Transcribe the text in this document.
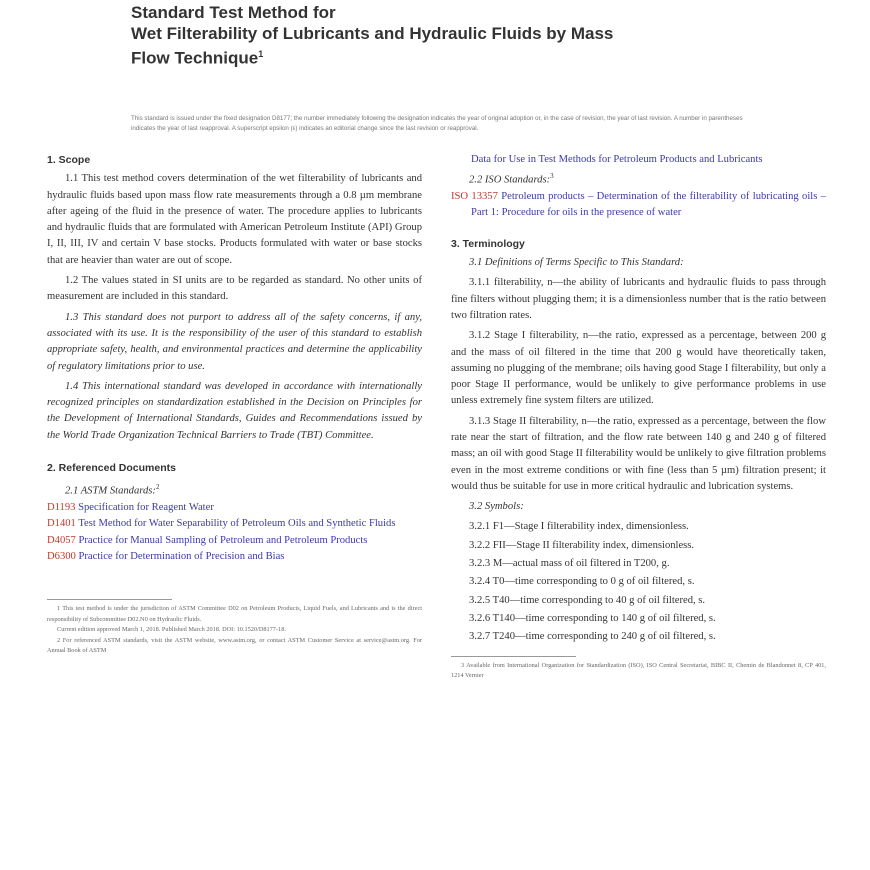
Standard Test Method for
Wet Filterability of Lubricants and Hydraulic Fluids by Mass
Flow Technique$^1$
This standard is issued under the fixed designation D8177; the number immediately following the designation indicates the year of original adoption or, in the case of revision, the year of last revision. A number in parentheses indicates the year of last reapproval. A superscript epsilon (ε) indicates an editorial change since the last revision or reapproval.
1. Scope

1.1 This test method covers determination of the wet filterability of lubricants and hydraulic fluids based upon mass flow rate measurements through a 0.8 µm membrane after ageing of the fluid in the presence of water. The procedure applies to lubricants and hydraulic fluids that are formulated with American Petroleum Institute (API) Group I, II, III, IV and certain V base stocks. Products formulated with water or base stocks that are heavier than water are out of scope.

1.2 The values stated in SI units are to be regarded as standard. No other units of measurement are included in this standard.

1.3 This standard does not purport to address all of the safety concerns, if any, associated with its use. It is the responsibility of the user of this standard to establish appropriate safety, health, and environmental practices and determine the applicability of regulatory limitations prior to use.

1.4 This international standard was developed in accordance with internationally recognized principles on standardization established in the Decision on Principles for the Development of International Standards, Guides and Recommendations issued by the World Trade Organization Technical Barriers to Trade (TBT) Committee.

2. Referenced Documents
2.1 ASTM Standards:$^2$
D1193 Specification for Reagent Water
D1401 Test Method for Water Separability of Petroleum Oils and Synthetic Fluids
D4057 Practice for Manual Sampling of Petroleum and Petroleum Products
D6300 Practice for Determination of Precision and Bias

1 This test method is under the jurisdiction of ASTM Committee D02 on Petroleum Products, Liquid Fuels, and Lubricants and is the direct responsibility of Subcommittee D02.N0 on Hydraulic Fluids.

Current edition approved March 1, 2018. Published March 2018. DOI: 10.1520/D8177-18.

2 For referenced ASTM standards, visit the ASTM website, www.astm.org, or contact ASTM Customer Service at service@astm.org. For Annual Book of ASTM

Data for Use in Test Methods for Petroleum Products and Lubricants
2.2 ISO Standards:$^3$
ISO 13357 Petroleum products – Determination of the filterability of lubricating oils – Part 1: Procedure for oils in the presence of water
3. Terminology

3.1 Definitions of Terms Specific to This Standard:

3.1.1 filterability, n—the ability of lubricants and hydraulic fluids to pass through fine filters without plugging them; it is a dimensionless number that is the ratio between two filtration rates.

3.1.2 Stage I filterability, n—the ratio, expressed as a percentage, between 200 g and the mass of oil filtered in the time that 200 g would have theoretically taken, assuming no plugging of the membrane; oils having good Stage I filterability, but only a poor Stage II performance, would be unlikely to give performance problems in use unless extremely fine system filters are utilized.

3.1.3 Stage II filterability, n—the ratio, expressed as a percentage, between the flow rate near the start of filtration, and the flow rate between 140 g and 240 g of filtered mass; an oil with good Stage II filterability would be unlikely to give filtration problems even in the most extreme conditions or with fine (less than 5 µm) filtration present; it would thus be suitable for use in more critical hydraulic and lubrication systems.

3.2 Symbols:

3.2.1 F1—Stage I filterability index, dimensionless.
3.2.2 FII—Stage II filterability index, dimensionless.
3.2.3 M—actual mass of oil filtered in T200, g.
3.2.4 T0—time corresponding to 0 g of oil filtered, s.
3.2.5 T40—time corresponding to 40 g of oil filtered, s.
3.2.6 T140—time corresponding to 140 g of oil filtered, s.
3.2.7 T240—time corresponding to 240 g of oil filtered, s.

3 Available from International Organization for Standardization (ISO), ISO Central Secretariat, BIBC II, Chemin de Blandonnet 8, CP 401, 1214 Vernier
